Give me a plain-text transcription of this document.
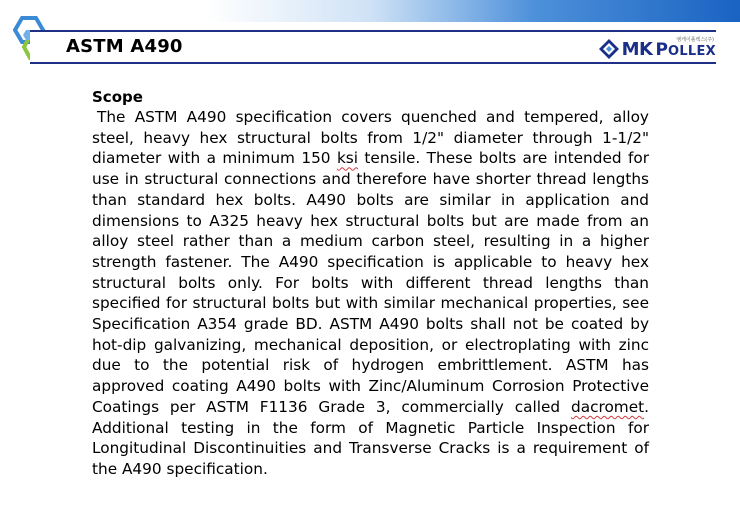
ASTM A490	엠케이폴렉스(주)
MK POLLEX
Scope

The ASTM A490 specification covers quenched and tempered, alloy steel, heavy hex structural bolts from 1/2" diameter through 1-1/2" diameter with a minimum 150 ksi tensile. These bolts are intended for use in structural connections and therefore have shorter thread lengths than standard hex bolts. A490 bolts are similar in application and dimensions to A325 heavy hex structural bolts but are made from an alloy steel rather than a medium carbon steel, resulting in a higher strength fastener. The A490 specification is applicable to heavy hex structural bolts only. For bolts with different thread lengths than specified for structural bolts but with similar mechanical properties, see Specification A354 grade BD. ASTM A490 bolts shall not be coated by hot-dip galvanizing, mechanical deposition, or electroplating with zinc due to the potential risk of hydrogen embrittlement. ASTM has approved coating A490 bolts with Zinc/Aluminum Corrosion Protective Coatings per ASTM F1136 Grade 3, commercially called dacromet. Additional testing in the form of Magnetic Particle Inspection for Longitudinal Discontinuities and Transverse Cracks is a requirement of the A490 specification.
